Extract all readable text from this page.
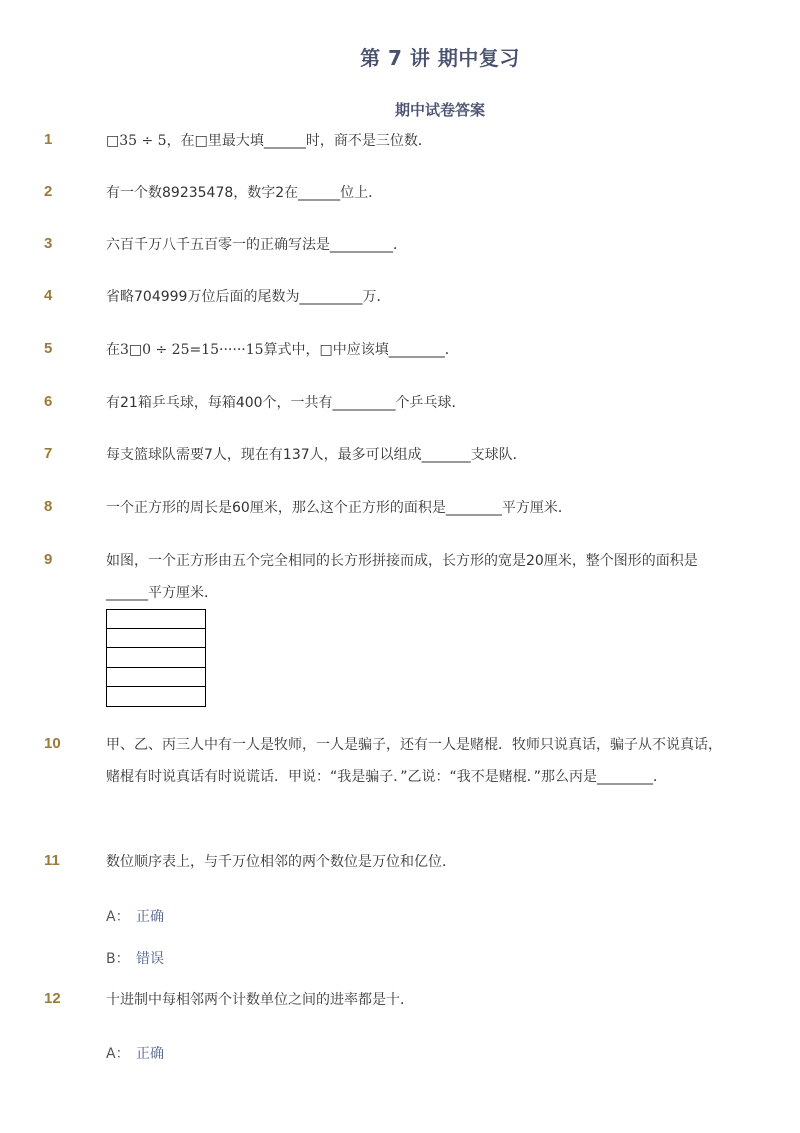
第 7 讲 期中复习
期中试卷答案
1	□35 ÷ 5，在□里最大填______时，商不是三位数．
2	有一个数89235478，数字2在______位上．
3	六百千万八千五百零一的正确写法是_________．
4	省略704999万位后面的尾数为_________万．
5	在3□0 ÷ 25=15······15算式中，□中应该填________．
6	有21箱乒乓球，每箱400个，一共有_________个乒乓球．
7	每支篮球队需要7人，现在有137人，最多可以组成_______支球队．
8	一个正方形的周长是60厘米，那么这个正方形的面积是________平方厘米．
9	如图，一个正方形由五个完全相同的长方形拼接而成，长方形的宽是20厘米，整个图形的面积是______平方厘米．
10	甲、乙、丙三人中有一人是牧师，一人是骗子，还有一人是赌棍．牧师只说真话，骗子从不说真话，赌棍有时说真话有时说谎话．甲说：“我是骗子．”乙说：“我不是赌棍．”那么丙是________．
11	数位顺序表上，与千万位相邻的两个数位是万位和亿位．
A： 正确
B： 错误
12	十进制中每相邻两个计数单位之间的进率都是十．
A： 正确
